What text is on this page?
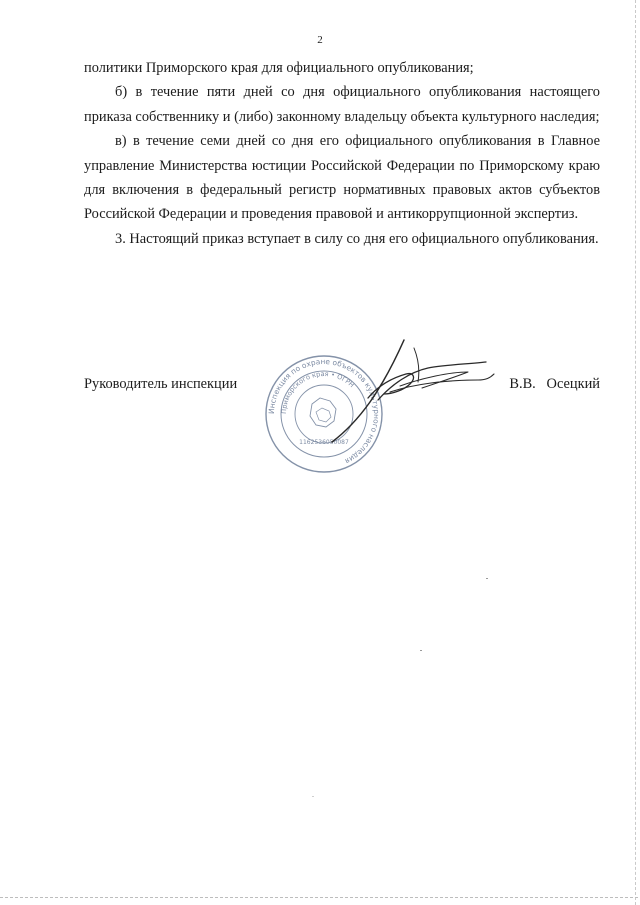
2

политики Приморского края для официального опубликования;

б) в течение пяти дней со дня официального опубликования настоящего приказа собственнику и (либо) законному владельцу объекта культурного наследия;

в) в течение семи дней со дня его официального опубликования в Главное управление Министерства юстиции Российской Федерации по Приморскому краю для включения в федеральный регистр нормативных правовых актов субъектов Российской Федерации и проведения правовой и антикоррупционной экспертиз.

3. Настоящий приказ вступает в силу со дня его официального опубликования.

Руководитель инспекции	В.В.   Осецкий
Инспекция по охране объектов культурного наследия
Приморского края • ОГРН
1162536050087
